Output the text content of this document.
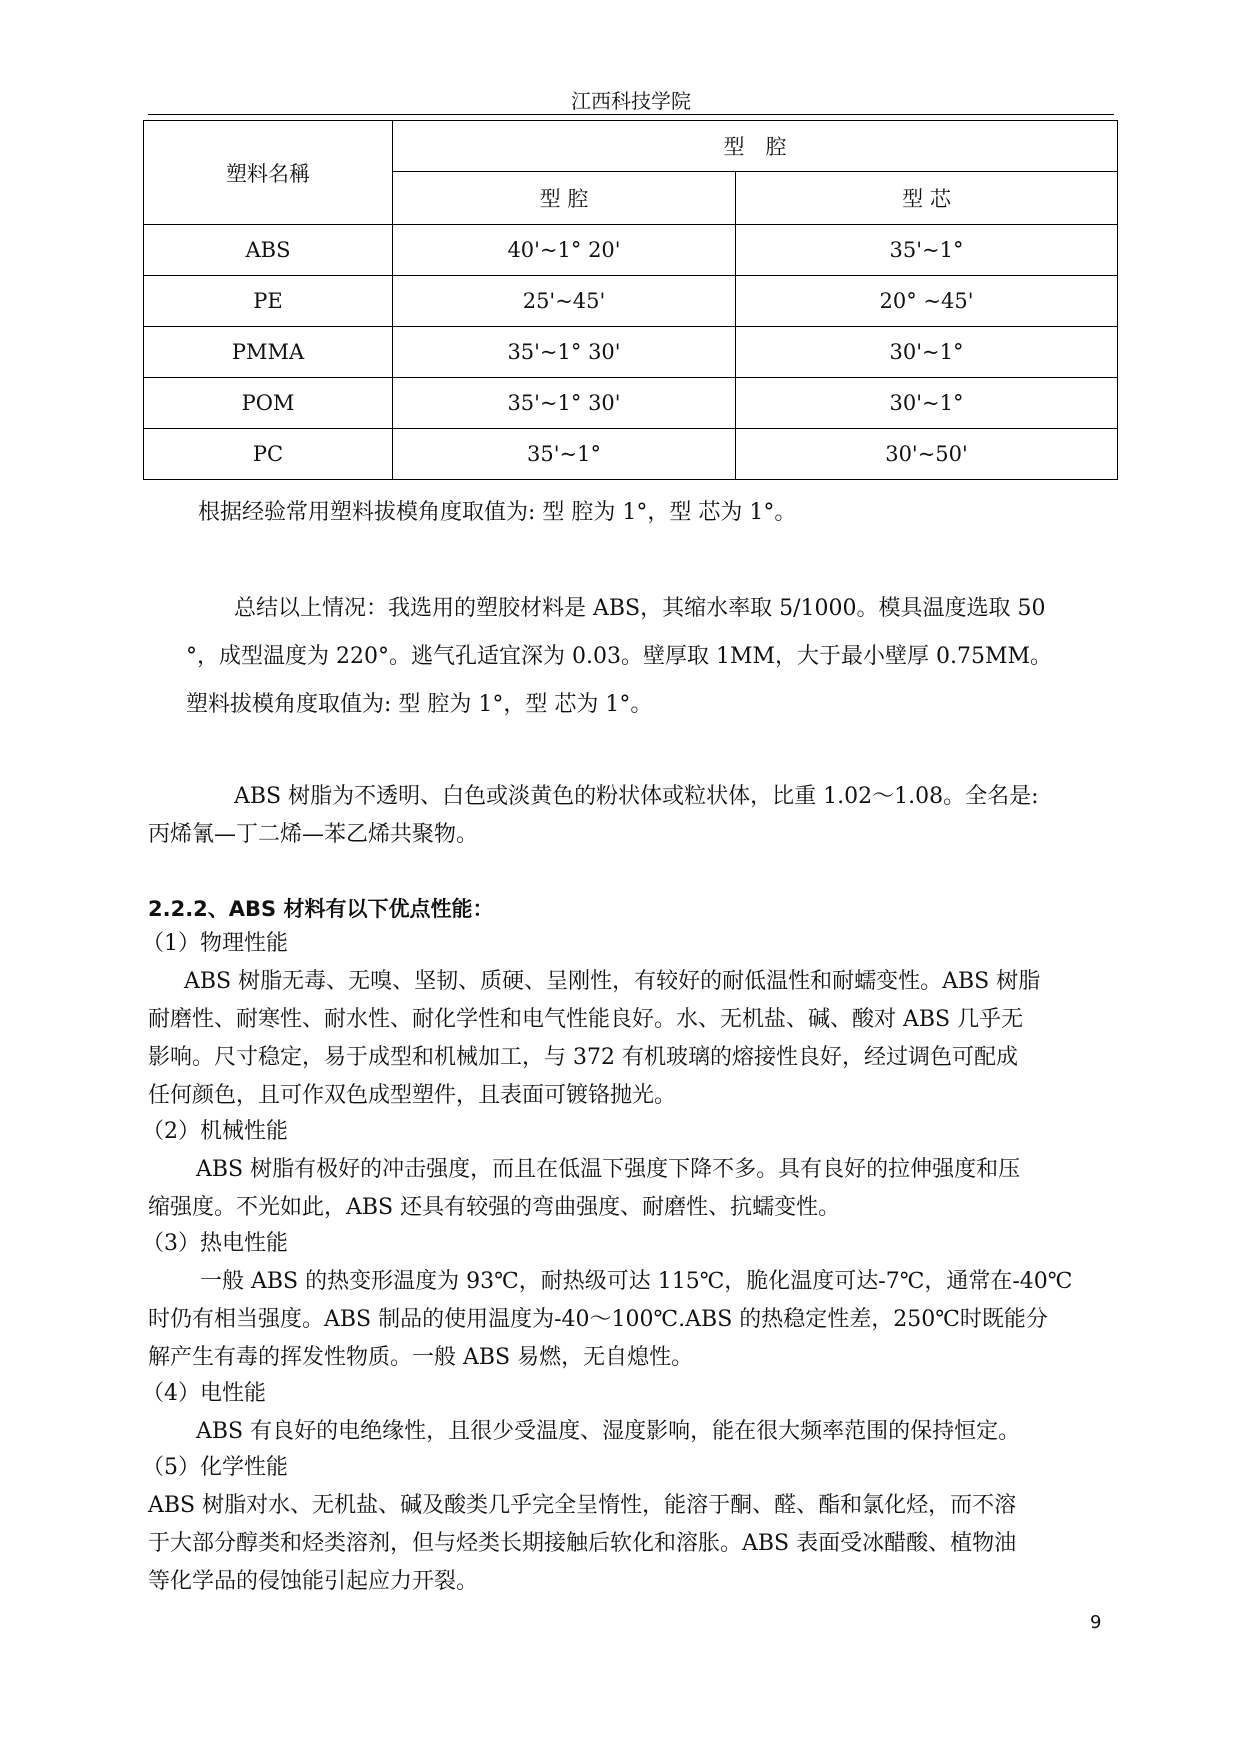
江西科技学院
塑料名稱	型　腔	
	型 腔	型 芯
ABS	40'~1° 20'	35'~1°
PE	25'~45'	20° ~45'
PMMA	35'~1° 30'	30'~1°
POM	35'~1° 30'	30'~1°
PC	35'~1°	30'~50'
根据经验常用塑料拔模角度取值为: 型 腔为 1°，型 芯为 1°。
总结以上情况：我选用的塑胶材料是 ABS，其缩水率取 5/1000。模具温度选取 50
°，成型温度为 220°。逃气孔适宜深为 0.03。壁厚取 1MM，大于最小壁厚 0.75MM。
塑料拔模角度取值为: 型 腔为 1°，型 芯为 1°。
ABS 树脂为不透明、白色或淡黄色的粉状体或粒状体，比重 1.02～1.08。全名是:
丙烯氰—丁二烯—苯乙烯共聚物。
2.2.2、ABS 材料有以下优点性能：
（1）物理性能
ABS 树脂无毒、无嗅、坚韧、质硬、呈刚性，有较好的耐低温性和耐蠕变性。ABS 树脂
耐磨性、耐寒性、耐水性、耐化学性和电气性能良好。水、无机盐、碱、酸对 ABS 几乎无
影响。尺寸稳定，易于成型和机械加工，与 372 有机玻璃的熔接性良好，经过调色可配成
任何颜色，且可作双色成型塑件，且表面可镀铬抛光。
（2）机械性能
ABS 树脂有极好的冲击强度，而且在低温下强度下降不多。具有良好的拉伸强度和压
缩强度。不光如此，ABS 还具有较强的弯曲强度、耐磨性、抗蠕变性。
（3）热电性能
一般 ABS 的热变形温度为 93℃，耐热级可达 115℃，脆化温度可达-7℃，通常在-40℃
时仍有相当强度。ABS 制品的使用温度为-40～100℃.ABS 的热稳定性差，250℃时既能分
解产生有毒的挥发性物质。一般 ABS 易燃，无自熄性。
（4）电性能
ABS 有良好的电绝缘性，且很少受温度、湿度影响，能在很大频率范围的保持恒定。
（5）化学性能
ABS 树脂对水、无机盐、碱及酸类几乎完全呈惰性，能溶于酮、醛、酯和氯化烃，而不溶
于大部分醇类和烃类溶剂，但与烃类长期接触后软化和溶胀。ABS 表面受冰醋酸、植物油
等化学品的侵蚀能引起应力开裂。
9
